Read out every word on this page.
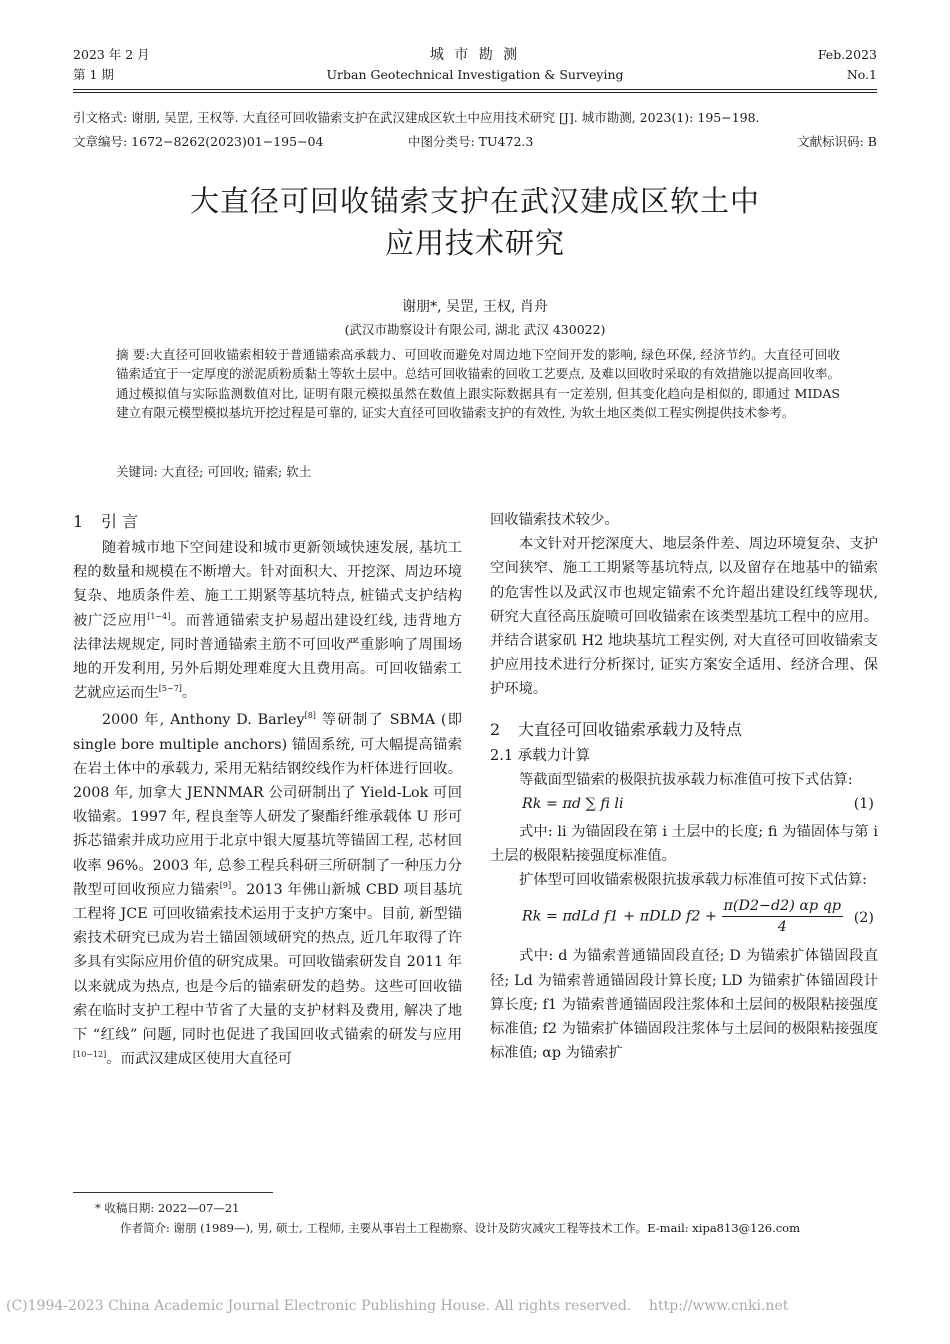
2023 年 2 月
第 1 期
城 市 勘 测
Urban Geotechnical Investigation & Surveying
Feb.2023
No.1
引文格式: 谢朋, 吴罡, 王权等. 大直径可回收锚索支护在武汉建成区软土中应用技术研究 [J]. 城市勘测, 2023(1): 195−198.
文章编号: 1672−8262(2023)01−195−04	中图分类号: TU472.3	文献标识码: B
大直径可回收锚索支护在武汉建成区软土中
应用技术研究
谢朋*, 吴罡, 王权, 肖舟
(武汉市勘察设计有限公司, 湖北 武汉 430022)
摘 要:大直径可回收锚索相较于普通锚索高承载力、可回收而避免对周边地下空间开发的影响, 绿色环保, 经济节约。大直径可回收锚索适宜于一定厚度的淤泥质粉质黏土等软土层中。总结可回收锚索的回收工艺要点, 及难以回收时采取的有效措施以提高回收率。通过模拟值与实际监测数值对比, 证明有限元模拟虽然在数值上跟实际数据具有一定差别, 但其变化趋向是相似的, 即通过 MIDAS 建立有限元模型模拟基坑开挖过程是可靠的, 证实大直径可回收锚索支护的有效性, 为软土地区类似工程实例提供技术参考。
关键词: 大直径; 可回收; 锚索; 软土

1 引 言

随着城市地下空间建设和城市更新领域快速发展, 基坑工程的数量和规模在不断增大。针对面积大、开挖深、周边环境复杂、地质条件差、施工工期紧等基坑特点, 桩锚式支护结构被广泛应用[1~4]。而普通锚索支护易超出建设红线, 违背地方法律法规规定, 同时普通锚索主筋不可回收严重影响了周围场地的开发利用, 另外后期处理难度大且费用高。可回收锚索工艺就应运而生[5~7]。

2000 年, Anthony D. Barley[8] 等研制了 SBMA (即 single bore multiple anchors) 锚固系统, 可大幅提高锚索在岩土体中的承载力, 采用无粘结钢绞线作为杆体进行回收。2008 年, 加拿大 JENNMAR 公司研制出了 Yield-Lok 可回收锚索。1997 年, 程良奎等人研发了聚酯纤维承载体 U 形可拆芯锚索并成功应用于北京中银大厦基坑等锚固工程, 芯材回收率 96%。2003 年, 总参工程兵科研三所研制了一种压力分散型可回收预应力锚索[9]。2013 年佛山新城 CBD 项目基坑工程将 JCE 可回收锚索技术运用于支护方案中。目前, 新型锚索技术研究已成为岩土锚固领域研究的热点, 近几年取得了许多具有实际应用价值的研究成果。可回收锚索研发自 2011 年以来就成为热点, 也是今后的锚索研发的趋势。这些可回收锚索在临时支护工程中节省了大量的支护材料及费用, 解决了地下 “红线” 问题, 同时也促进了我国回收式锚索的研发与应用[10−12]。而武汉建成区使用大直径可

回收锚索技术较少。

本文针对开挖深度大、地层条件差、周边环境复杂、支护空间狭窄、施工工期紧等基坑特点, 以及留存在地基中的锚索的危害性以及武汉市也规定锚索不允许超出建设红线等现状, 研究大直径高压旋喷可回收锚索在该类型基坑工程中的应用。并结合谌家矶 H2 地块基坑工程实例, 对大直径可回收锚索支护应用技术进行分析探讨, 证实方案安全适用、经济合理、保护环境。

2 大直径可回收锚索承载力及特点

2.1 承载力计算

等截面型锚索的极限抗拔承载力标准值可按下式估算:

Rk = πd ∑ fi li	(1)

式中: li 为锚固段在第 i 土层中的长度; fi 为锚固体与第 i 土层的极限粘接强度标准值。

扩体型可回收锚索极限抗拔承载力标准值可按下式估算:

Rk = πdLd f1 + πDLD $f2 + \frac{\text{π(D2−d2) αp qp}}{4} (2)$

式中: d 为锚索普通锚固段直径; D 为锚索扩体锚固段直径; Ld 为锚索普通锚固段计算长度; LD 为锚索扩体锚固段计算长度; f1 为锚索普通锚固段注浆体和土层间的极限粘接强度标准值; f2 为锚索扩体锚固段注浆体与土层间的极限粘接强度标准值; αp 为锚索扩

* 收稿日期: 2022—07—21
作者简介: 谢朋 (1989—), 男, 硕士, 工程师, 主要从事岩土工程勘察、设计及防灾减灾工程等技术工作。E-mail: xipa813@126.com
(C)1994-2023 China Academic Journal Electronic Publishing House. All rights reserved.    http://www.cnki.net
